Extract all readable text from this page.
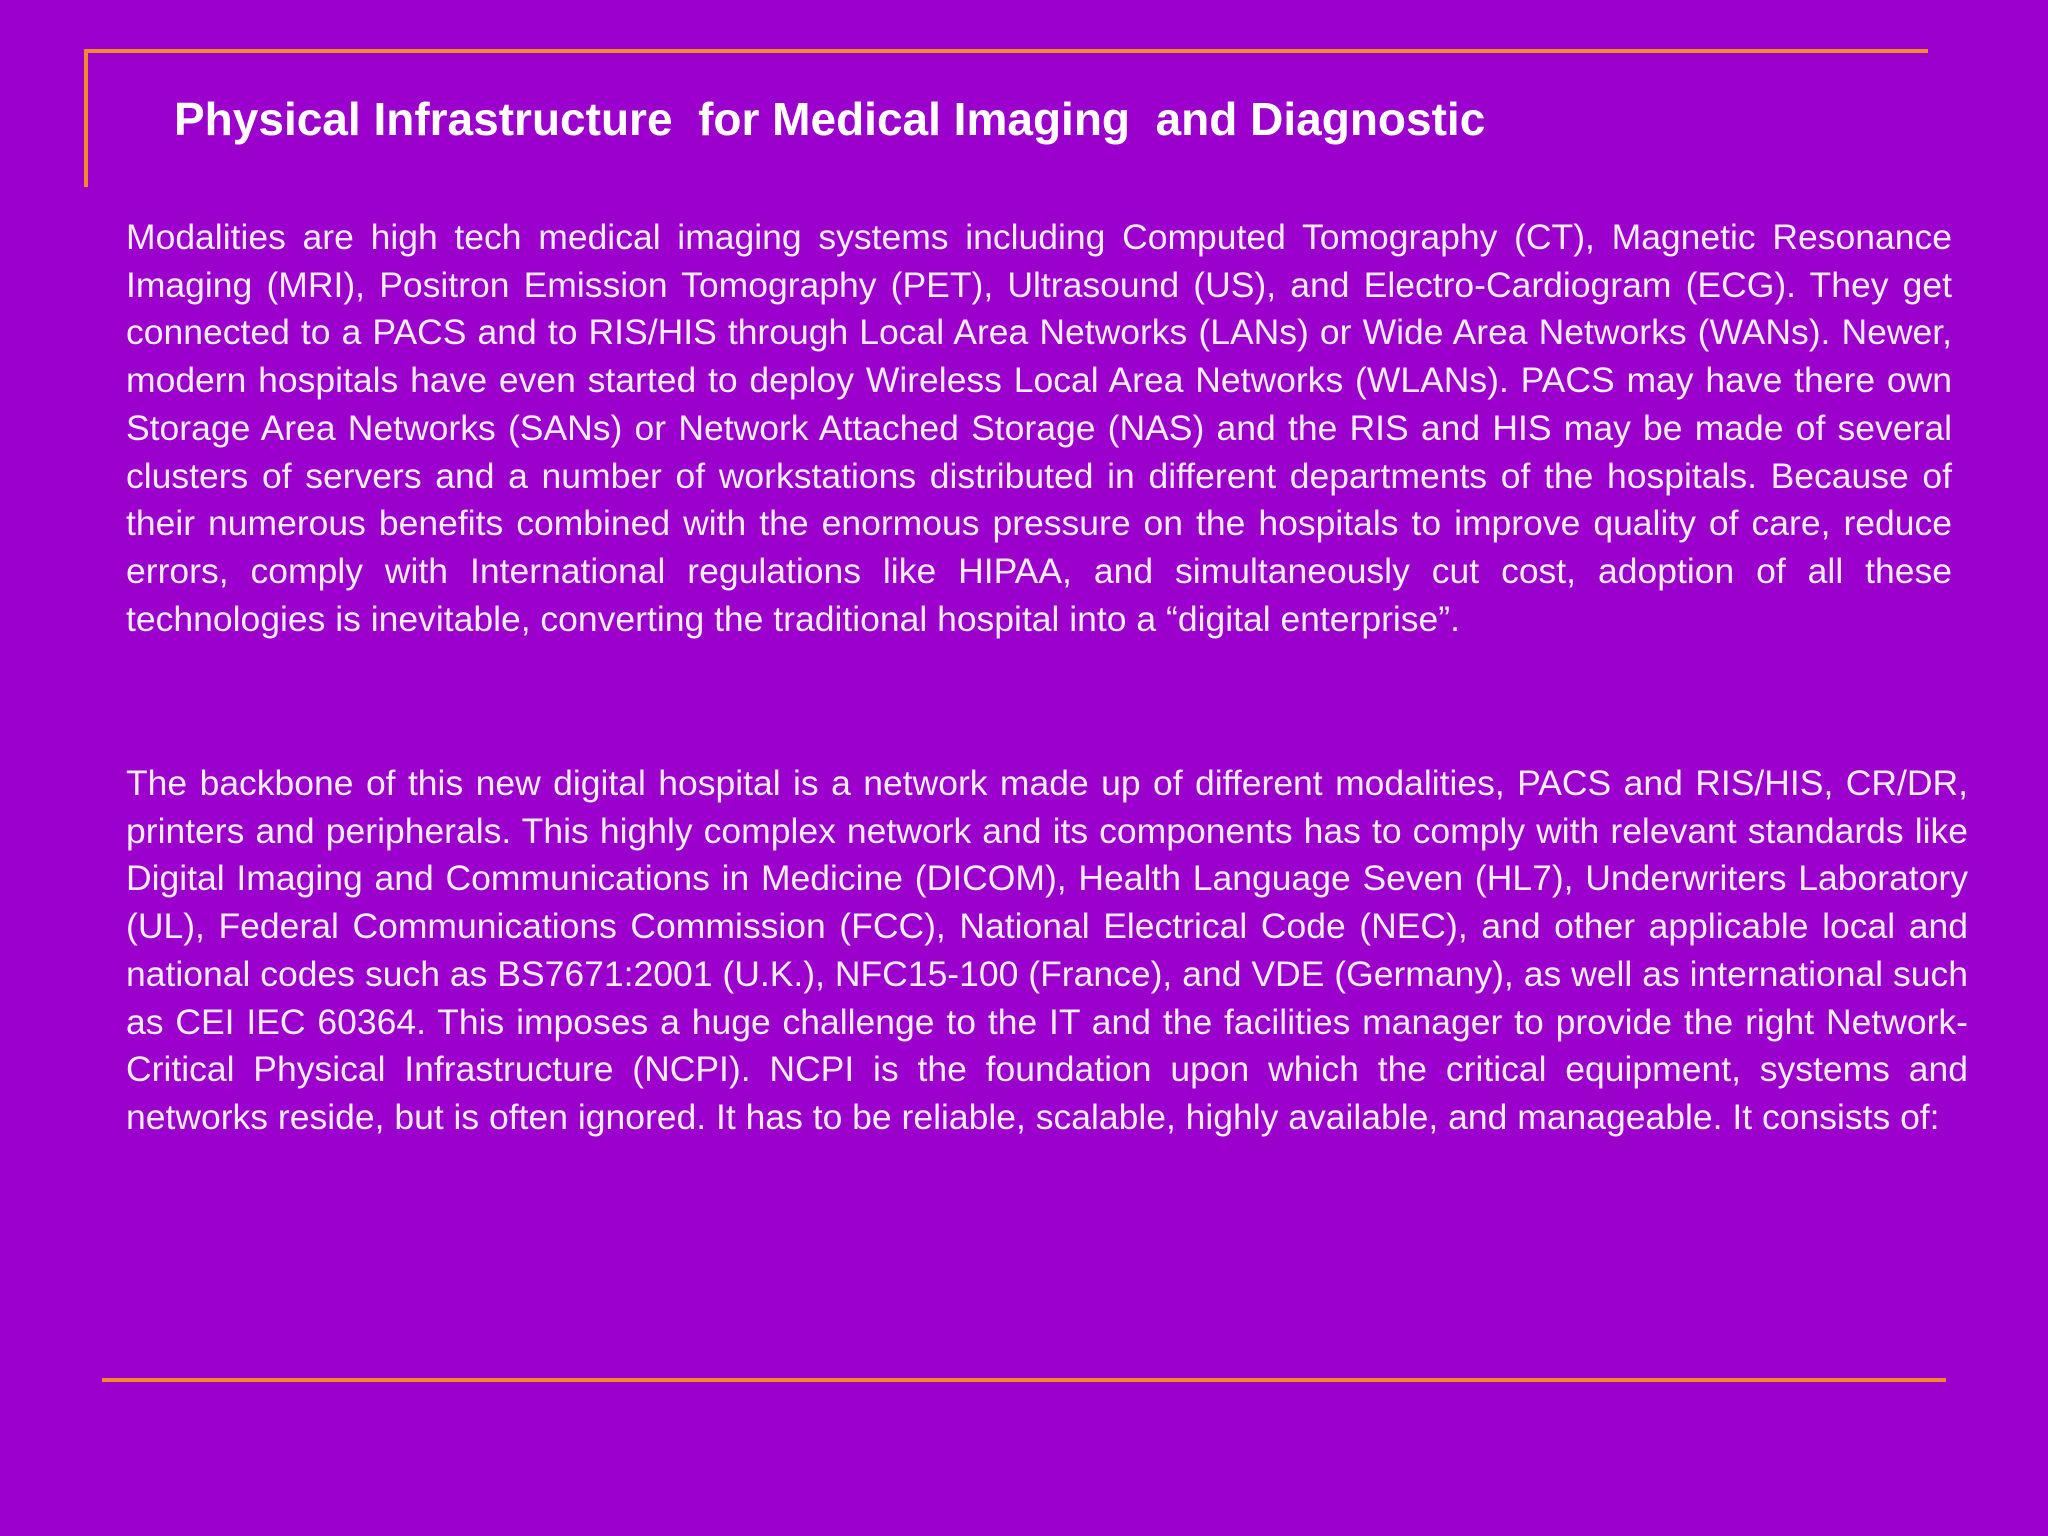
Physical Infrastructure  for Medical Imaging  and Diagnostic

Modalities are high tech medical imaging systems including Computed Tomography (CT), Magnetic Resonance Imaging (MRI), Positron Emission Tomography (PET), Ultrasound (US), and Electro-Cardiogram (ECG). They get connected to a PACS and to RIS/HIS through Local Area Networks (LANs) or Wide Area Networks (WANs). Newer, modern hospitals have even started to deploy Wireless Local Area Networks (WLANs). PACS may have there own Storage Area Networks (SANs) or Network Attached Storage (NAS) and the RIS and HIS may be made of several clusters of servers and a number of workstations distributed in different departments of the hospitals. Because of their numerous benefits combined with the enormous pressure on the hospitals to improve quality of care, reduce errors, comply with International regulations like HIPAA, and simultaneously cut cost, adoption of all these technologies is inevitable, converting the traditional hospital into a “digital enterprise”.

The backbone of this new digital hospital is a network made up of different modalities, PACS and RIS/HIS, CR/DR, printers and peripherals. This highly complex network and its components has to comply with relevant standards like Digital Imaging and Communications in Medicine (DICOM), Health Language Seven (HL7), Underwriters Laboratory (UL), Federal Communications Commission (FCC), National Electrical Code (NEC), and other applicable local and national codes such as BS7671:2001 (U.K.), NFC15-100 (France), and VDE (Germany), as well as international such as CEI IEC 60364. This imposes a huge challenge to the IT and the facilities manager to provide the right Network-Critical Physical Infrastructure (NCPI). NCPI is the foundation upon which the critical equipment, systems and networks reside, but is often ignored. It has to be reliable, scalable, highly available, and manageable. It consists of:
